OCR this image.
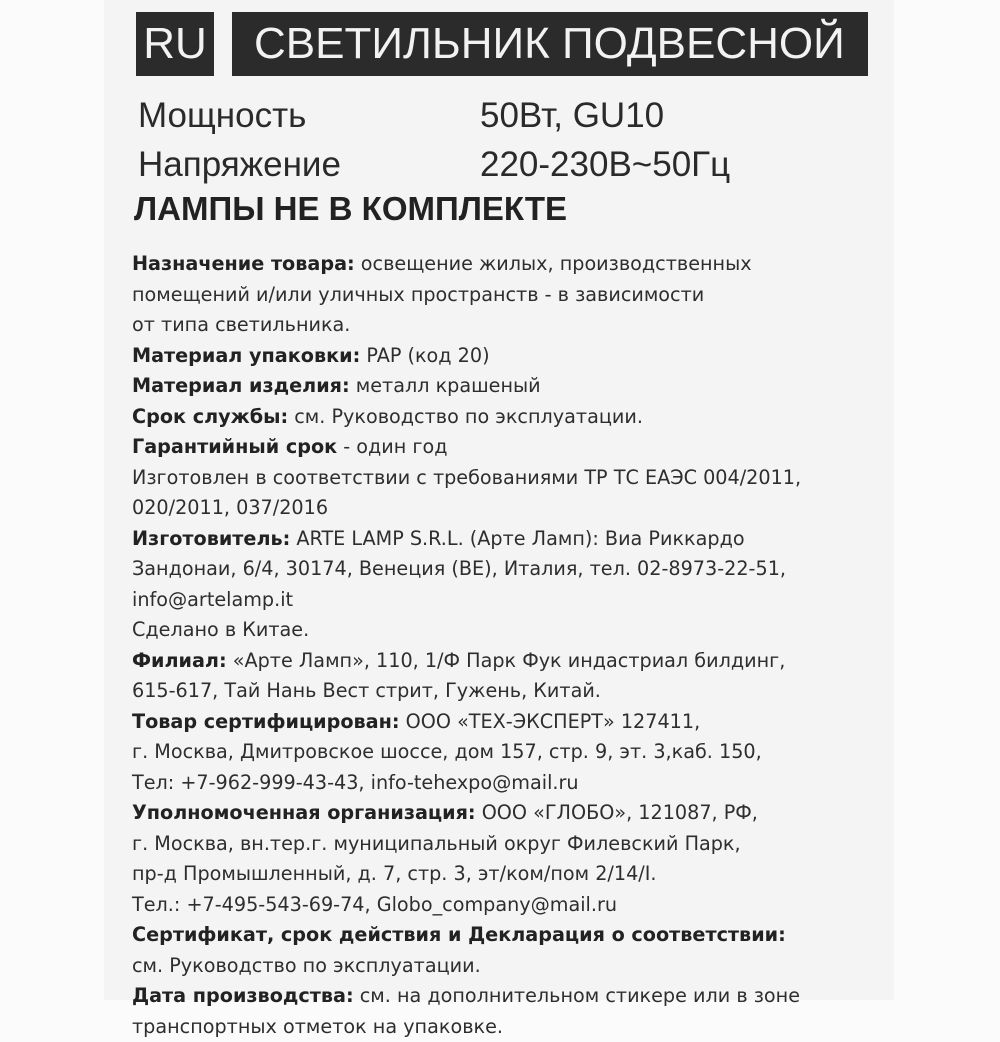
RU	СВЕТИЛЬНИК ПОДВЕСНОЙ
Мощность	50Вт, GU10
Напряжение	220-230В~50Гц
ЛАМПЫ НЕ В КОМПЛЕКТЕ
Назначение товара: освещение жилых, производственных
помещений и/или уличных пространств - в зависимости
от типа светильника.
Материал упаковки: PAP (код 20)
Материал изделия: металл крашеный
Срок службы: см. Руководство по эксплуатации.
Гарантийный срок - один год
Изготовлен в соответствии с требованиями ТР ТС ЕАЭС 004/2011,
020/2011, 037/2016
Изготовитель: ARTE LAMP S.R.L. (Арте Ламп): Виа Риккардо
Зандонаи, 6/4, 30174, Венеция (BE), Италия, тел. 02-8973-22-51,
info@artelamp.it
Сделано в Китае.
Филиал: «Арте Ламп», 110, 1/Ф Парк Фук индастриал билдинг,
615-617, Тай Нань Вест стрит, Гужень, Китай.
Товар сертифицирован: ООО «ТЕХ-ЭКСПЕРТ» 127411,
г. Москва, Дмитровское шоссе, дом 157, стр. 9, эт. 3,каб. 150,
Тел: +7-962-999-43-43, info-tehexpo@mail.ru
Уполномоченная организация: ООО «ГЛОБО», 121087, РФ,
г. Москва, вн.тер.г. муниципальный округ Филевский Парк,
пр-д Промышленный, д. 7, стр. 3, эт/ком/пом 2/14/I.
Тел.: +7-495-543-69-74, Globo_company@mail.ru
Сертификат, срок действия и Декларация о соответствии:
см. Руководство по эксплуатации.
Дата производства: см. на дополнительном стикере или в зоне
транспортных отметок на упаковке.
